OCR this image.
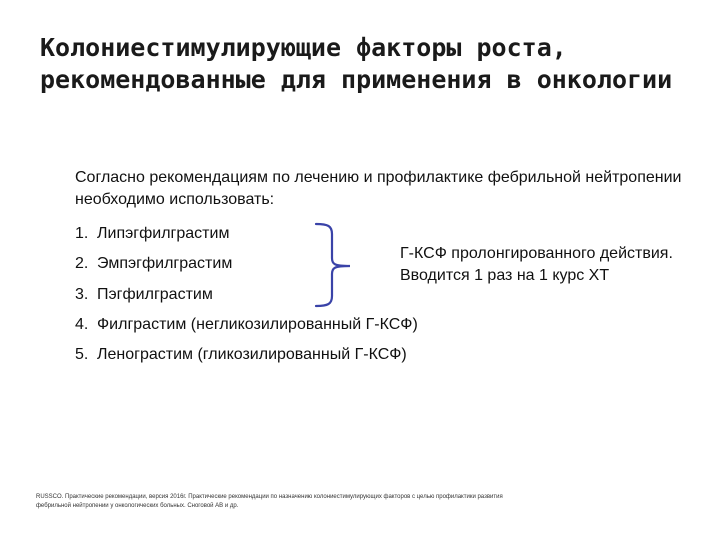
Колониестимулирующие факторы роста, рекомендованные для применения в онкологии

Согласно рекомендациям по лечению и профилактике фебрильной нейтропении необходимо использовать:

1. Липэгфилграстим
2. Эмпэгфилграстим
3. Пэгфилграстим
4. Филграстим (негликозилированный Г-КСФ)
5. Ленограстим (гликозилированный Г-КСФ)
Г-КСФ пролонгированного действия.
Вводится 1 раз на 1 курс ХТ
RUSSCO. Практические рекомендации, версия 2016г. Практические рекомендации по назначению колониестимулирующих факторов с целью профилактики развития фебрильной нейтропении у онкологических больных. Сноговой АВ и др.
